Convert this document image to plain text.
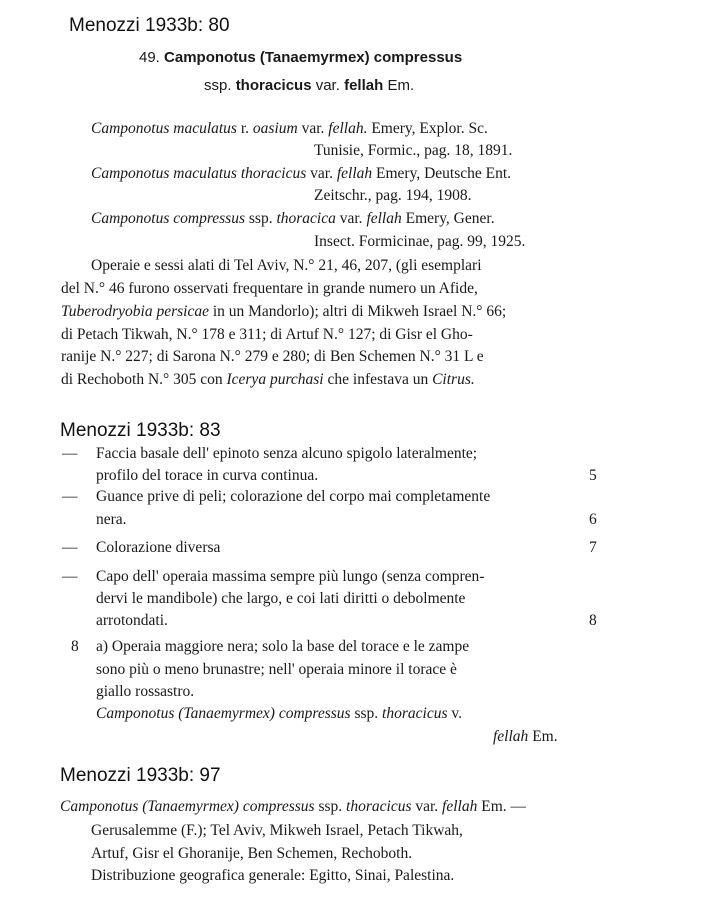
Menozzi 1933b: 80
49. Camponotus (Tanaemyrmex) compressus
ssp. thoracicus var. fellah Em.
Camponotus maculatus r. oasium var. fellah. Emery, Explor. Sc.
Tunisie, Formic., pag. 18, 1891.
Camponotus maculatus thoracicus var. fellah Emery, Deutsche Ent.
Zeitschr., pag. 194, 1908.
Camponotus compressus ssp. thoracica var. fellah Emery, Gener.
Insect. Formicinae, pag. 99, 1925.
Operaie e sessi alati di Tel Aviv, N.° 21, 46, 207, (gli esemplari
del N.° 46 furono osservati frequentare in grande numero un Afide,
Tuberodryobia persicae in un Mandorlo); altri di Mikweh Israel N.° 66;
di Petach Tikwah, N.° 178 e 311; di Artuf N.° 127; di Gisr el Gho-
ranije N.° 227; di Sarona N.° 279 e 280; di Ben Schemen N.° 31 L e
di Rechoboth N.° 305 con Icerya purchasi che infestava un Citrus.
Menozzi 1933b: 83
— Faccia basale dell' epinoto senza alcuno spigolo lateralmente;
profilo del torace in curva continua.	5
— Guance prive di peli; colorazione del corpo mai completamente
nera.	6
— Colorazione diversa	7
— Capo dell' operaia massima sempre più lungo (senza compren-
dervi le mandibole) che largo, e coi lati diritti o debolmente
arrotondati.	8
8 a) Operaia maggiore nera; solo la base del torace e le zampe
sono più o meno brunastre; nell' operaia minore il torace è
giallo rossastro.
Camponotus (Tanaemyrmex) compressus ssp. thoracicus v.
fellah Em.
Menozzi 1933b: 97
Camponotus (Tanaemyrmex) compressus ssp. thoracicus var. fellah Em. —
Gerusalemme (F.); Tel Aviv, Mikweh Israel, Petach Tikwah,
Artuf, Gisr el Ghoranije, Ben Schemen, Rechoboth.
Distribuzione geografica generale: Egitto, Sinai, Palestina.
